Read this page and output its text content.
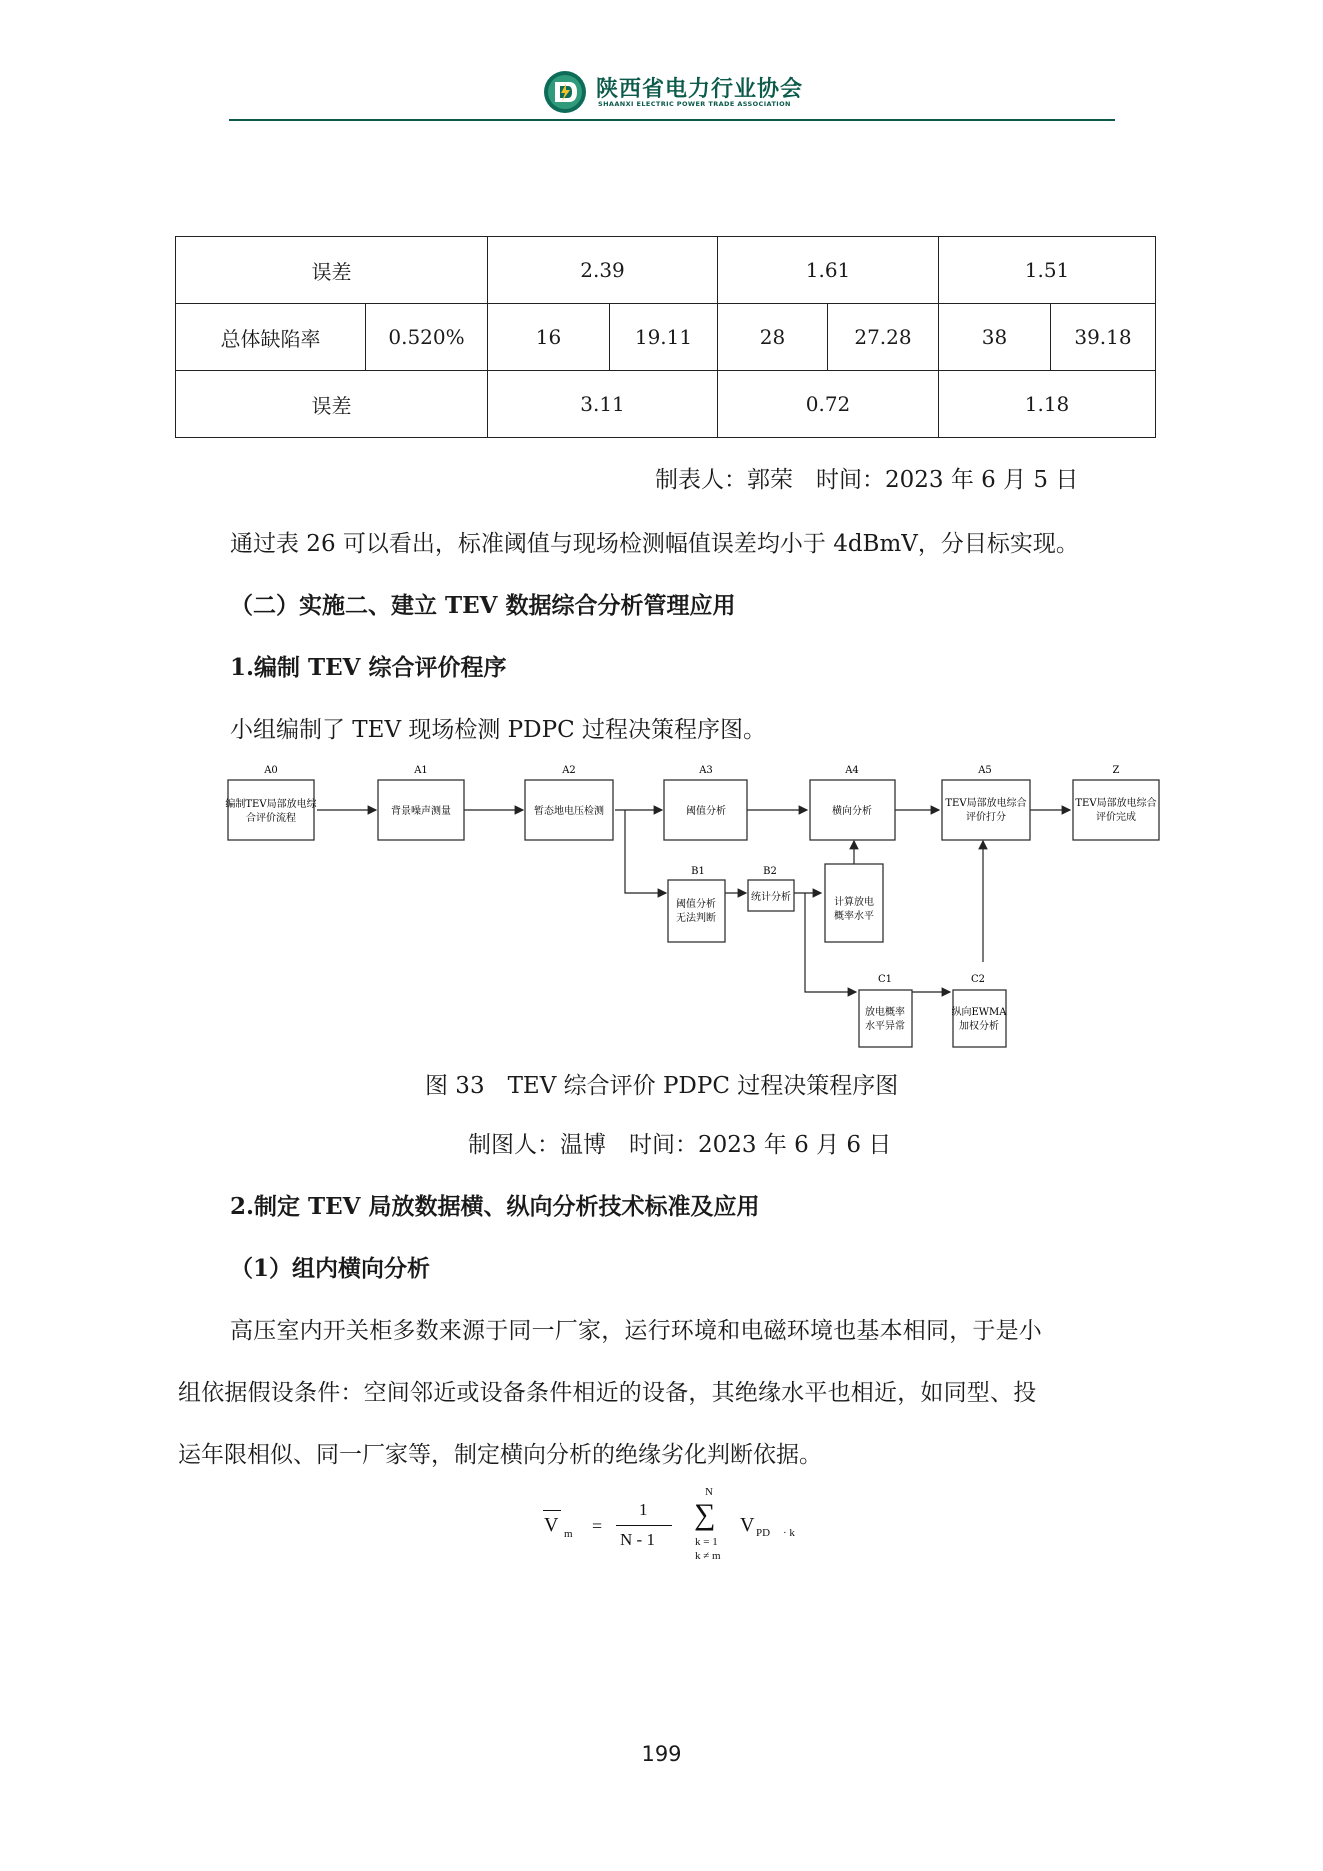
陕西省电力行业协会
SHAANXI ELECTRIC POWER TRADE ASSOCIATION
误差		2.39		1.61		1.51	
总体缺陷率	0.520%	16	19.11	28	27.28	38	39.18
误差		3.11		0.72		1.18	
制表人：郭荣　时间：2023 年 6 月 5 日
通过表 26 可以看出，标准阈值与现场检测幅值误差均小于 4dBmV，分目标实现。
（二）实施二、建立 TEV 数据综合分析管理应用
1.编制 TEV 综合评价程序
小组编制了 TEV 现场检测 PDPC 过程决策程序图。
A0
编制TEV局部放电综
合评价流程
A1
背景噪声测量
A2
暂态地电压检测
A3
阈值分析
A4
横向分析
A5
TEV局部放电综合
评价打分
Z
TEV局部放电综合
评价完成
B1
阈值分析
无法判断
B2
统计分析	计算放电
概率水平
C1
放电概率
水平异常
C2
纵向EWMA
加权分析
图 33　TEV 综合评价 PDPC 过程决策程序图
制图人：温博　时间：2023 年 6 月 6 日
2.制定 TEV 局放数据横、纵向分析技术标准及应用
（1）组内横向分析
高压室内开关柜多数来源于同一厂家，运行环境和电磁环境也基本相同，于是小
组依据假设条件：空间邻近或设备条件相近的设备，其绝缘水平也相近，如同型、投
运年限相似、同一厂家等，制定横向分析的绝缘劣化判断依据。
V m =
1
N - 1
N
∑
k = 1
k ≠ m
V PD · k
199
